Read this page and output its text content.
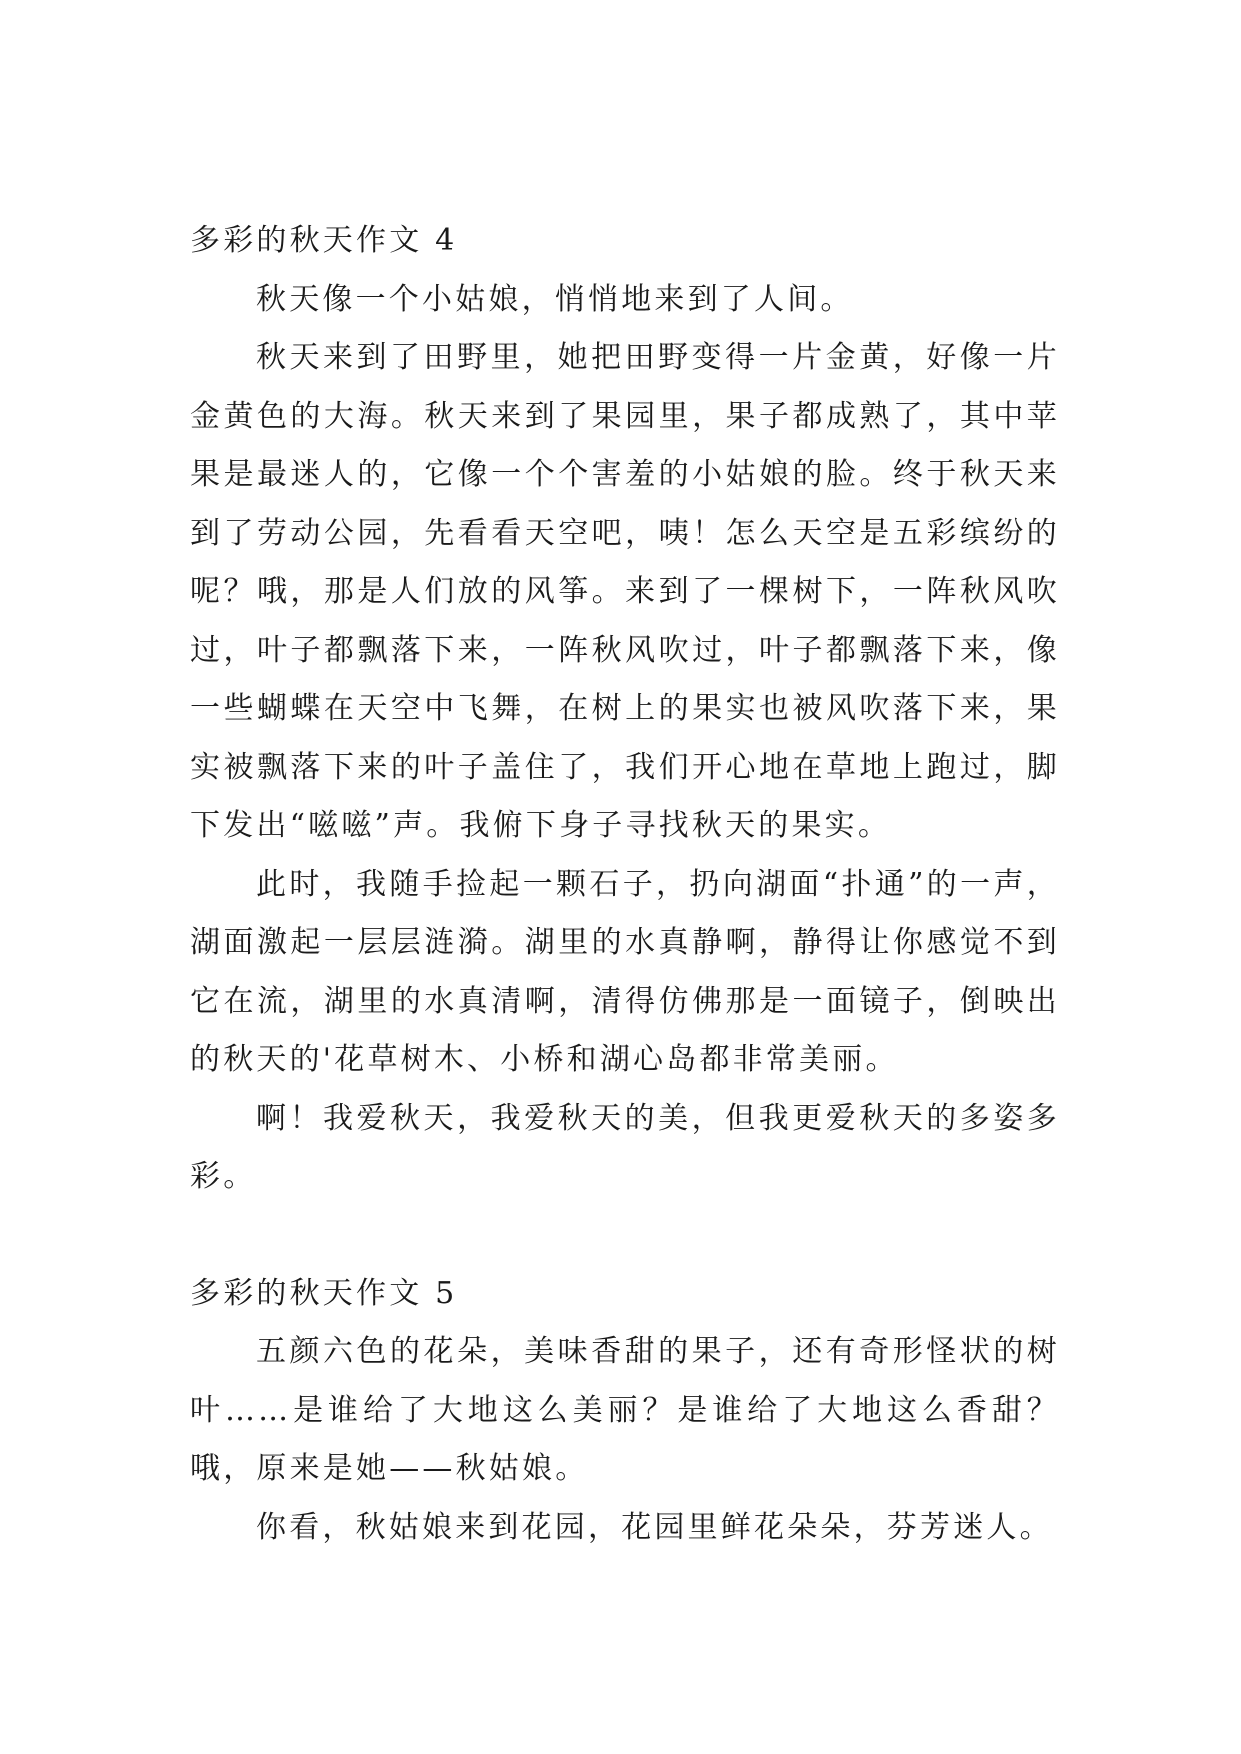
多彩的秋天作文 4

秋天像一个小姑娘，悄悄地来到了人间。

秋天来到了田野里，她把田野变得一片金黄，好像一片金黄色的大海。秋天来到了果园里，果子都成熟了，其中苹果是最迷人的，它像一个个害羞的小姑娘的脸。终于秋天来到了劳动公园，先看看天空吧，咦！怎么天空是五彩缤纷的呢？哦，那是人们放的风筝。来到了一棵树下，一阵秋风吹过，叶子都飘落下来，一阵秋风吹过，叶子都飘落下来，像一些蝴蝶在天空中飞舞，在树上的果实也被风吹落下来，果实被飘落下来的叶子盖住了，我们开心地在草地上跑过，脚下发出“嗞嗞”声。我俯下身子寻找秋天的果实。

此时，我随手捡起一颗石子，扔向湖面“扑通”的一声，湖面激起一层层涟漪。湖里的水真静啊，静得让你感觉不到它在流，湖里的水真清啊，清得仿佛那是一面镜子，倒映出的秋天的'花草树木、小桥和湖心岛都非常美丽。

啊！我爱秋天，我爱秋天的美，但我更爱秋天的多姿多彩。

多彩的秋天作文 5

五颜六色的花朵，美味香甜的果子，还有奇形怪状的树叶……是谁给了大地这么美丽？是谁给了大地这么香甜？哦，原来是她——秋姑娘。

你看，秋姑娘来到花园，花园里鲜花朵朵，芬芳迷人。
